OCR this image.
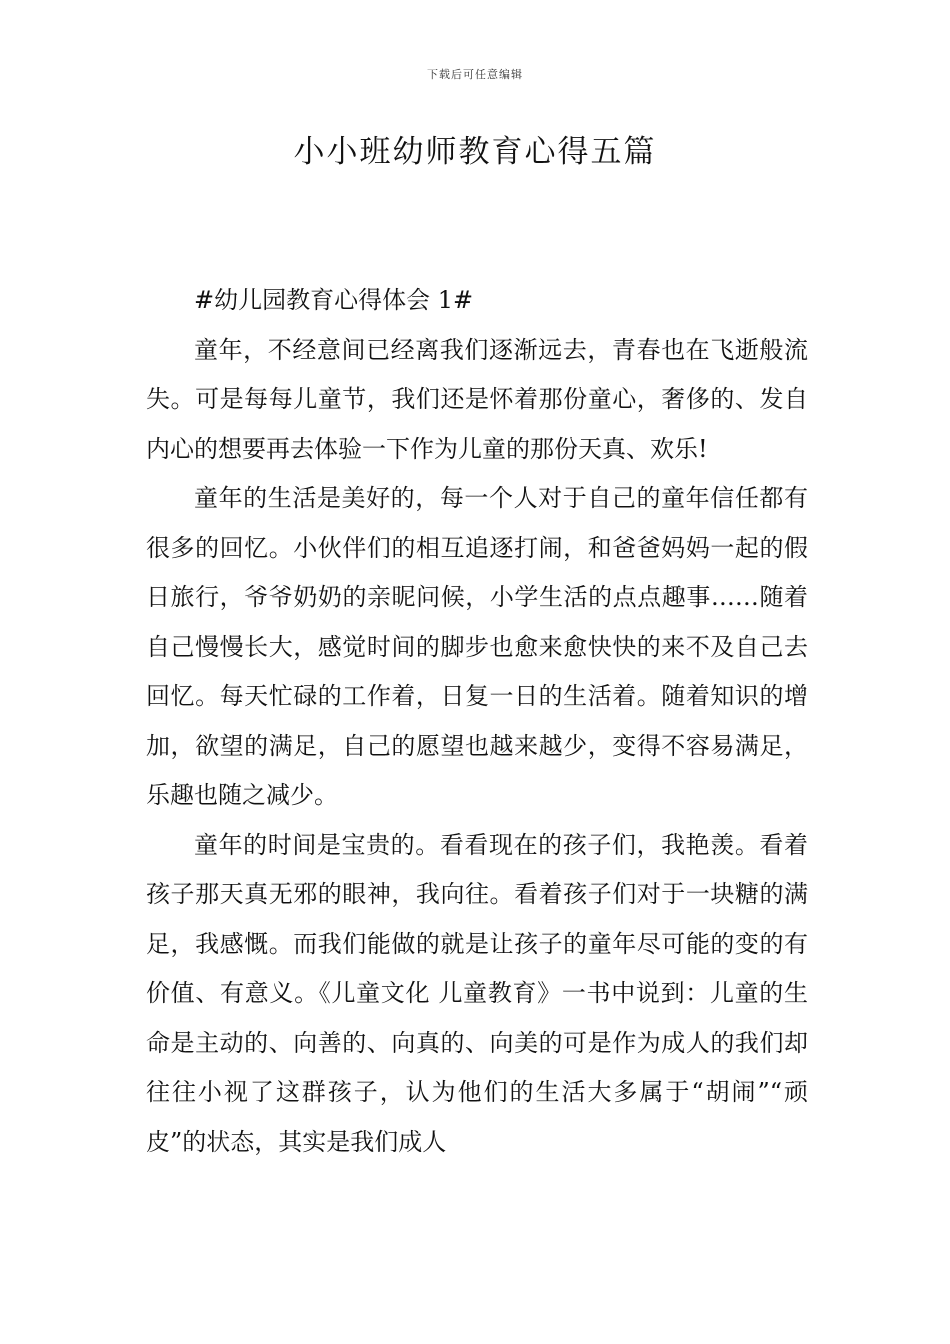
下载后可任意编辑
小小班幼师教育心得五篇

#幼儿园教育心得体会 1#

童年，不经意间已经离我们逐渐远去，青春也在飞逝般流失。可是每每儿童节，我们还是怀着那份童心，奢侈的、发自内心的想要再去体验一下作为儿童的那份天真、欢乐!

童年的生活是美好的，每一个人对于自己的童年信任都有很多的回忆。小伙伴们的相互追逐打闹，和爸爸妈妈一起的假日旅行，爷爷奶奶的亲昵问候，小学生活的点点趣事……随着自己慢慢长大，感觉时间的脚步也愈来愈快快的来不及自己去回忆。每天忙碌的工作着，日复一日的生活着。随着知识的增加，欲望的满足，自己的愿望也越来越少，变得不容易满足，乐趣也随之减少。

童年的时间是宝贵的。看看现在的孩子们，我艳羡。看着孩子那天真无邪的眼神，我向往。看着孩子们对于一块糖的满足，我感慨。而我们能做的就是让孩子的童年尽可能的变的有价值、有意义。《儿童文化 儿童教育》一书中说到：儿童的生命是主动的、向善的、向真的、向美的可是作为成人的我们却往往小视了这群孩子，认为他们的生活大多属于“胡闹”“顽皮”的状态，其实是我们成人
